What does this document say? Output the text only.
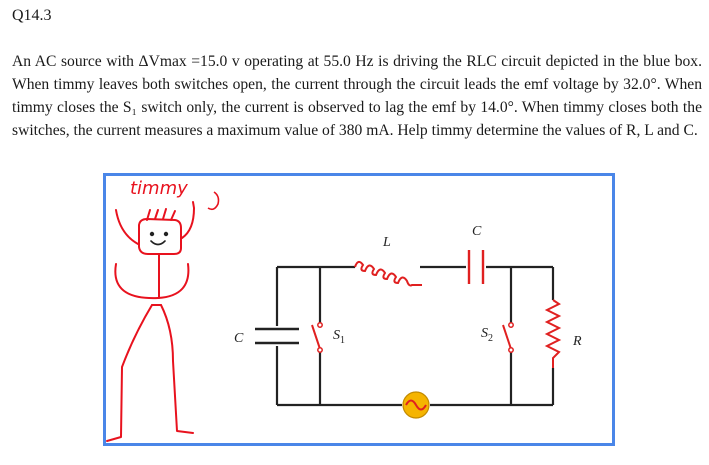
Q14.3

An AC source with ΔVmax =15.0 v operating at 55.0 Hz is driving the RLC circuit depicted in the blue box. When timmy leaves both switches open, the current through the circuit leads the emf voltage by 32.0°. When timmy closes the S₁ switch only, the current is observed to lag the emf by 14.0°. When timmy closes both the switches, the current measures a maximum value of 380 mA. Help timmy determine the values of R, L and C.

timmy
C
L
C
$S_1$	$S_2$	R
